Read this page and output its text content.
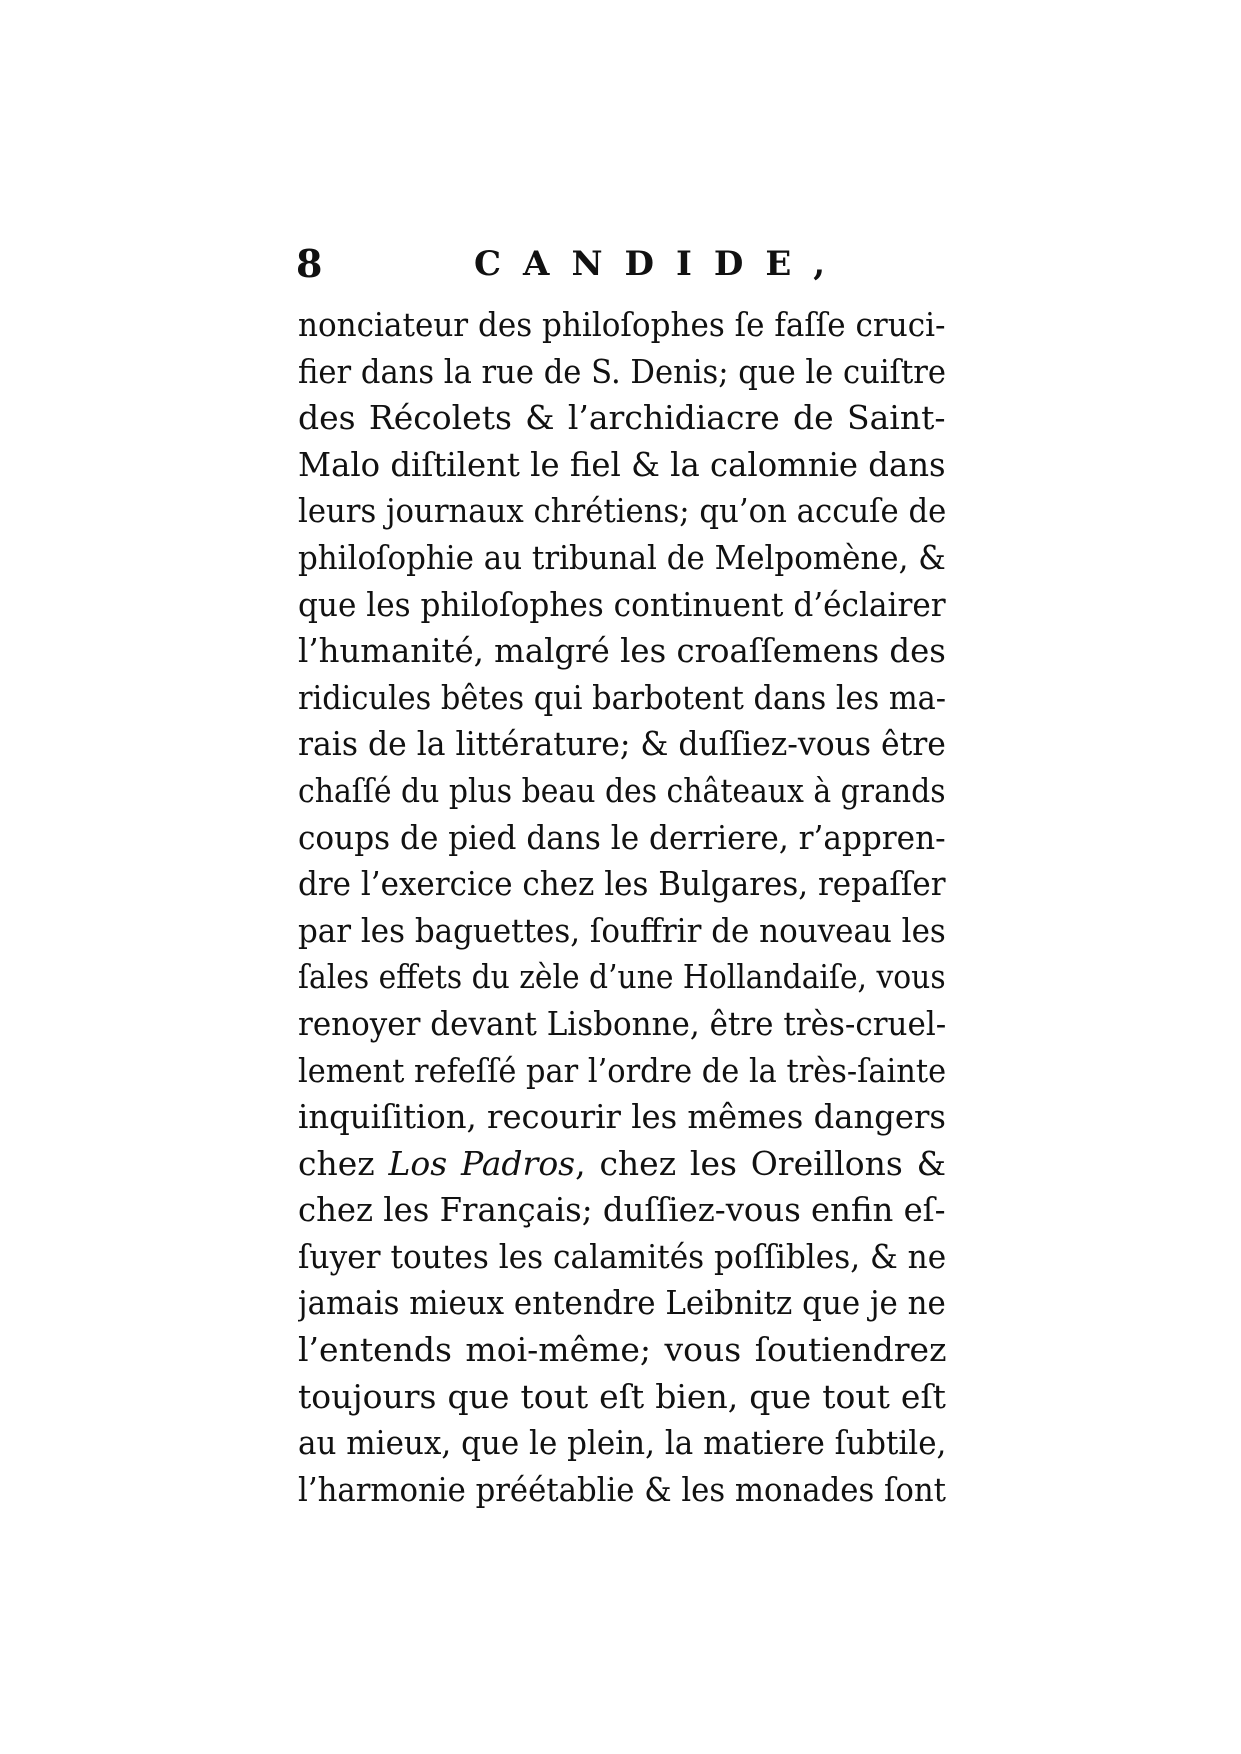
8	CANDIDE,
nonciateur des philoſophes ſe faſſe cruci-
fier dans la rue de S. Denis; que le cuiſtre
des Récolets & l’archidiacre de Saint-
Malo diſtilent le fiel & la calomnie dans
leurs journaux chrétiens; qu’on accuſe de
philoſophie au tribunal de Melpomène, &
que les philoſophes continuent d’éclairer
l’humanité, malgré les croaſſemens des
ridicules bêtes qui barbotent dans les ma-
rais de la littérature; & duſſiez-vous être
chaſſé du plus beau des châteaux à grands
coups de pied dans le derriere, r’appren-
dre l’exercice chez les Bulgares, repaſſer
par les baguettes, ſouffrir de nouveau les
ſales effets du zèle d’une Hollandaiſe, vous
renoyer devant Lisbonne, être très-cruel-
lement refeſſé par l’ordre de la très-ſainte
inquiſition, recourir les mêmes dangers
chez Los Padros, chez les Oreillons &
chez les Français; duſſiez-vous enfin eſ-
ſuyer toutes les calamités poſſibles, & ne
jamais mieux entendre Leibnitz que je ne
l’entends moi-même; vous ſoutiendrez
toujours que tout eſt bien, que tout eſt
au mieux, que le plein, la matiere ſubtile,
l’harmonie préétablie & les monades ſont
